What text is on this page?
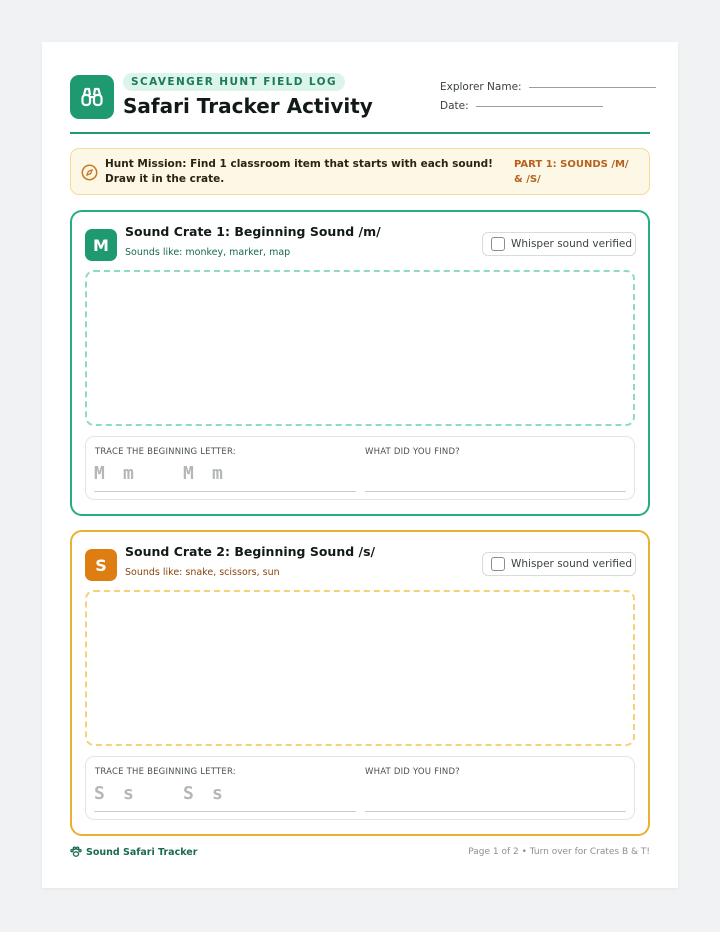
SCAVENGER HUNT FIELD LOG
Safari Tracker Activity
Explorer Name:
Date:
Hunt Mission: Find 1 classroom item that starts with each sound! Draw it in the crate.
PART 1: SOUNDS /M/ & /S/
M
Sound Crate 1: Beginning Sound /m/
Sounds like: monkey, marker, map
Whisper sound verified
TRACE THE BEGINNING LETTER:	WHAT DID YOU FIND?
M m	M m
S
Sound Crate 2: Beginning Sound /s/
Sounds like: snake, scissors, sun
Whisper sound verified
TRACE THE BEGINNING LETTER:	WHAT DID YOU FIND?
S s	S s
Sound Safari Tracker	Page 1 of 2 • Turn over for Crates B & T!
